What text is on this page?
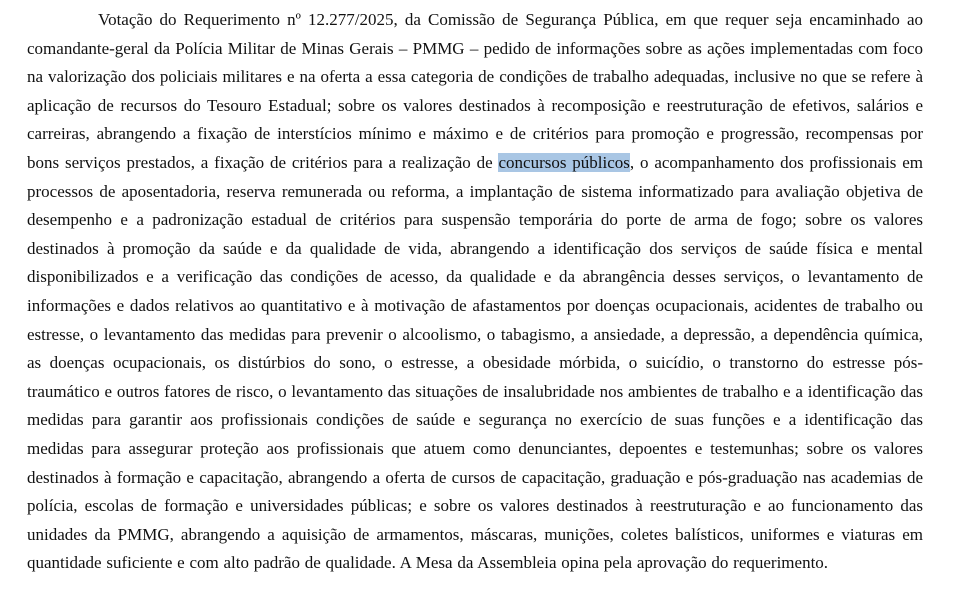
Votação do Requerimento nº 12.277/2025, da Comissão de Segurança Pública, em que requer seja encaminhado ao comandante-geral da Polícia Militar de Minas Gerais – PMMG – pedido de informações sobre as ações implementadas com foco na valorização dos policiais militares e na oferta a essa categoria de condições de trabalho adequadas, inclusive no que se refere à aplicação de recursos do Tesouro Estadual; sobre os valores destinados à recomposição e reestruturação de efetivos, salários e carreiras, abrangendo a fixação de interstícios mínimo e máximo e de critérios para promoção e progressão, recompensas por bons serviços prestados, a fixação de critérios para a realização de concursos públicos, o acompanhamento dos profissionais em processos de aposentadoria, reserva remunerada ou reforma, a implantação de sistema informatizado para avaliação objetiva de desempenho e a padronização estadual de critérios para suspensão temporária do porte de arma de fogo; sobre os valores destinados à promoção da saúde e da qualidade de vida, abrangendo a identificação dos serviços de saúde física e mental disponibilizados e a verificação das condições de acesso, da qualidade e da abrangência desses serviços, o levantamento de informações e dados relativos ao quantitativo e à motivação de afastamentos por doenças ocupacionais, acidentes de trabalho ou estresse, o levantamento das medidas para prevenir o alcoolismo, o tabagismo, a ansiedade, a depressão, a dependência química, as doenças ocupacionais, os distúrbios do sono, o estresse, a obesidade mórbida, o suicídio, o transtorno do estresse pós-traumático e outros fatores de risco, o levantamento das situações de insalubridade nos ambientes de trabalho e a identificação das medidas para garantir aos profissionais condições de saúde e segurança no exercício de suas funções e a identificação das medidas para assegurar proteção aos profissionais que atuem como denunciantes, depoentes e testemunhas; sobre os valores destinados à formação e capacitação, abrangendo a oferta de cursos de capacitação, graduação e pós-graduação nas academias de polícia, escolas de formação e universidades públicas; e sobre os valores destinados à reestruturação e ao funcionamento das unidades da PMMG, abrangendo a aquisição de armamentos, máscaras, munições, coletes balísticos, uniformes e viaturas em quantidade suficiente e com alto padrão de qualidade. A Mesa da Assembleia opina pela aprovação do requerimento.
